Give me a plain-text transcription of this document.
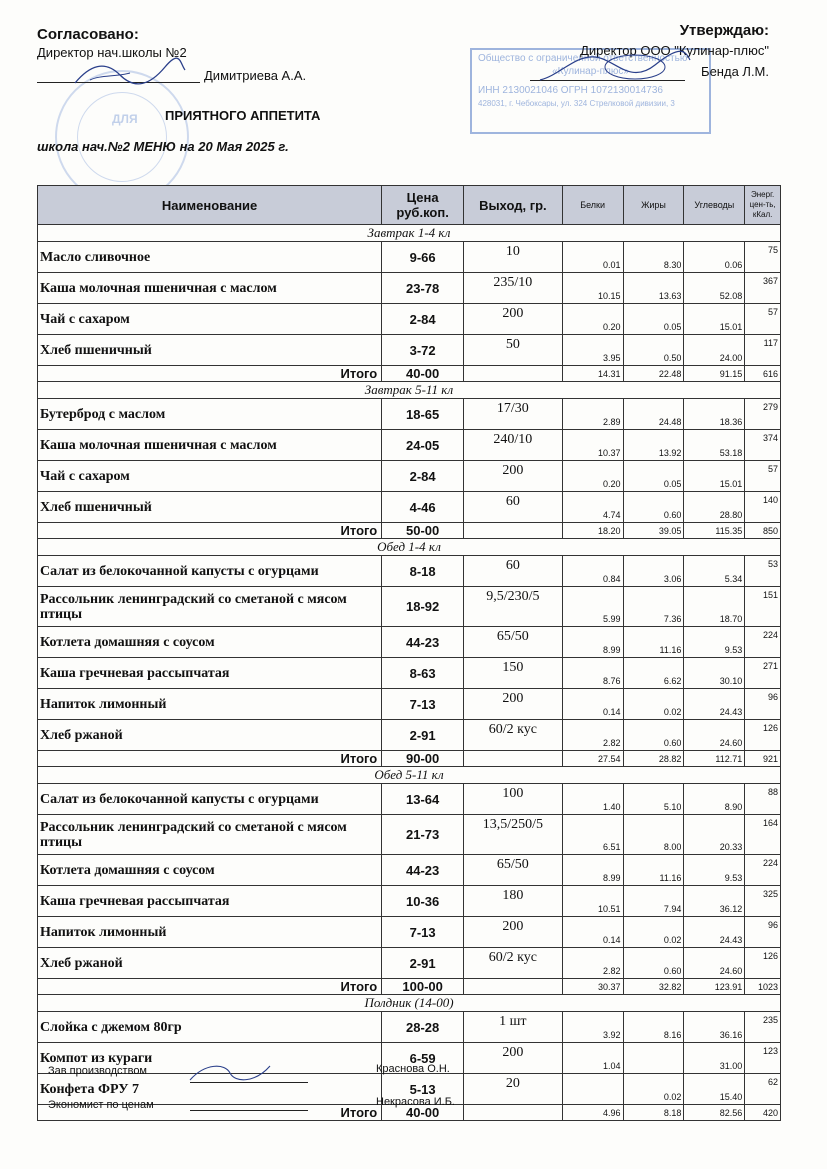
ДЛЯ
Общество с ограниченной ответственностью
«Кулинар-плюс»
ИНН 2130021046 ОГРН 1072130014736
428031, г. Чебоксары, ул. 324 Стрелковой дивизии, 3
Согласовано:
Директор нач.школы №2
Димитриева А.А.
ПРИЯТНОГО АППЕТИТА
школа нач.№2 МЕНЮ на 20 Мая 2025 г.
Утверждаю:
Директор ООО "Кулинар-плюс"
Бенда Л.М.
Наименование	Цена руб.коп.	Выход, гр.	Белки	Жиры	Углеводы	Энерг. цен-ть, кКал.
Завтрак 1-4 кл						
Масло сливочное	9-66	10	0.01	8.30	0.06	75
Каша молочная пшеничная с маслом	23-78	235/10	10.15	13.63	52.08	367
Чай с сахаром	2-84	200	0.20	0.05	15.01	57
Хлеб пшеничный	3-72	50	3.95	0.50	24.00	117
Итого	40-00		14.31	22.48	91.15	616
Завтрак 5-11 кл						
Бутерброд с маслом	18-65	17/30	2.89	24.48	18.36	279
Каша молочная пшеничная с маслом	24-05	240/10	10.37	13.92	53.18	374
Чай с сахаром	2-84	200	0.20	0.05	15.01	57
Хлеб пшеничный	4-46	60	4.74	0.60	28.80	140
Итого	50-00		18.20	39.05	115.35	850
Обед 1-4 кл						
Салат из белокочанной капусты с огурцами	8-18	60	0.84	3.06	5.34	53
Рассольник ленинградский со сметаной с мясом птицы	18-92	9,5/230/5	5.99	7.36	18.70	151
Котлета домашняя с соусом	44-23	65/50	8.99	11.16	9.53	224
Каша гречневая рассыпчатая	8-63	150	8.76	6.62	30.10	271
Напиток лимонный	7-13	200	0.14	0.02	24.43	96
Хлеб ржаной	2-91	60/2 кус	2.82	0.60	24.60	126
Итого	90-00		27.54	28.82	112.71	921
Обед 5-11 кл						
Салат из белокочанной капусты с огурцами	13-64	100	1.40	5.10	8.90	88
Рассольник ленинградский со сметаной с мясом птицы	21-73	13,5/250/5	6.51	8.00	20.33	164
Котлета домашняя с соусом	44-23	65/50	8.99	11.16	9.53	224
Каша гречневая рассыпчатая	10-36	180	10.51	7.94	36.12	325
Напиток лимонный	7-13	200	0.14	0.02	24.43	96
Хлеб ржаной	2-91	60/2 кус	2.82	0.60	24.60	126
Итого	100-00		30.37	32.82	123.91	1023
Полдник (14-00)						
Слойка с джемом 80гр	28-28	1 шт	3.92	8.16	36.16	235
Компот из кураги	6-59	200	1.04		31.00	123
Конфета ФРУ 7	5-13	20		0.02	15.40	62
Итого	40-00		4.96	8.18	82.56	420
Зав производством	Краснова О.Н.
Экономист по ценам	Некрасова И.Б.
